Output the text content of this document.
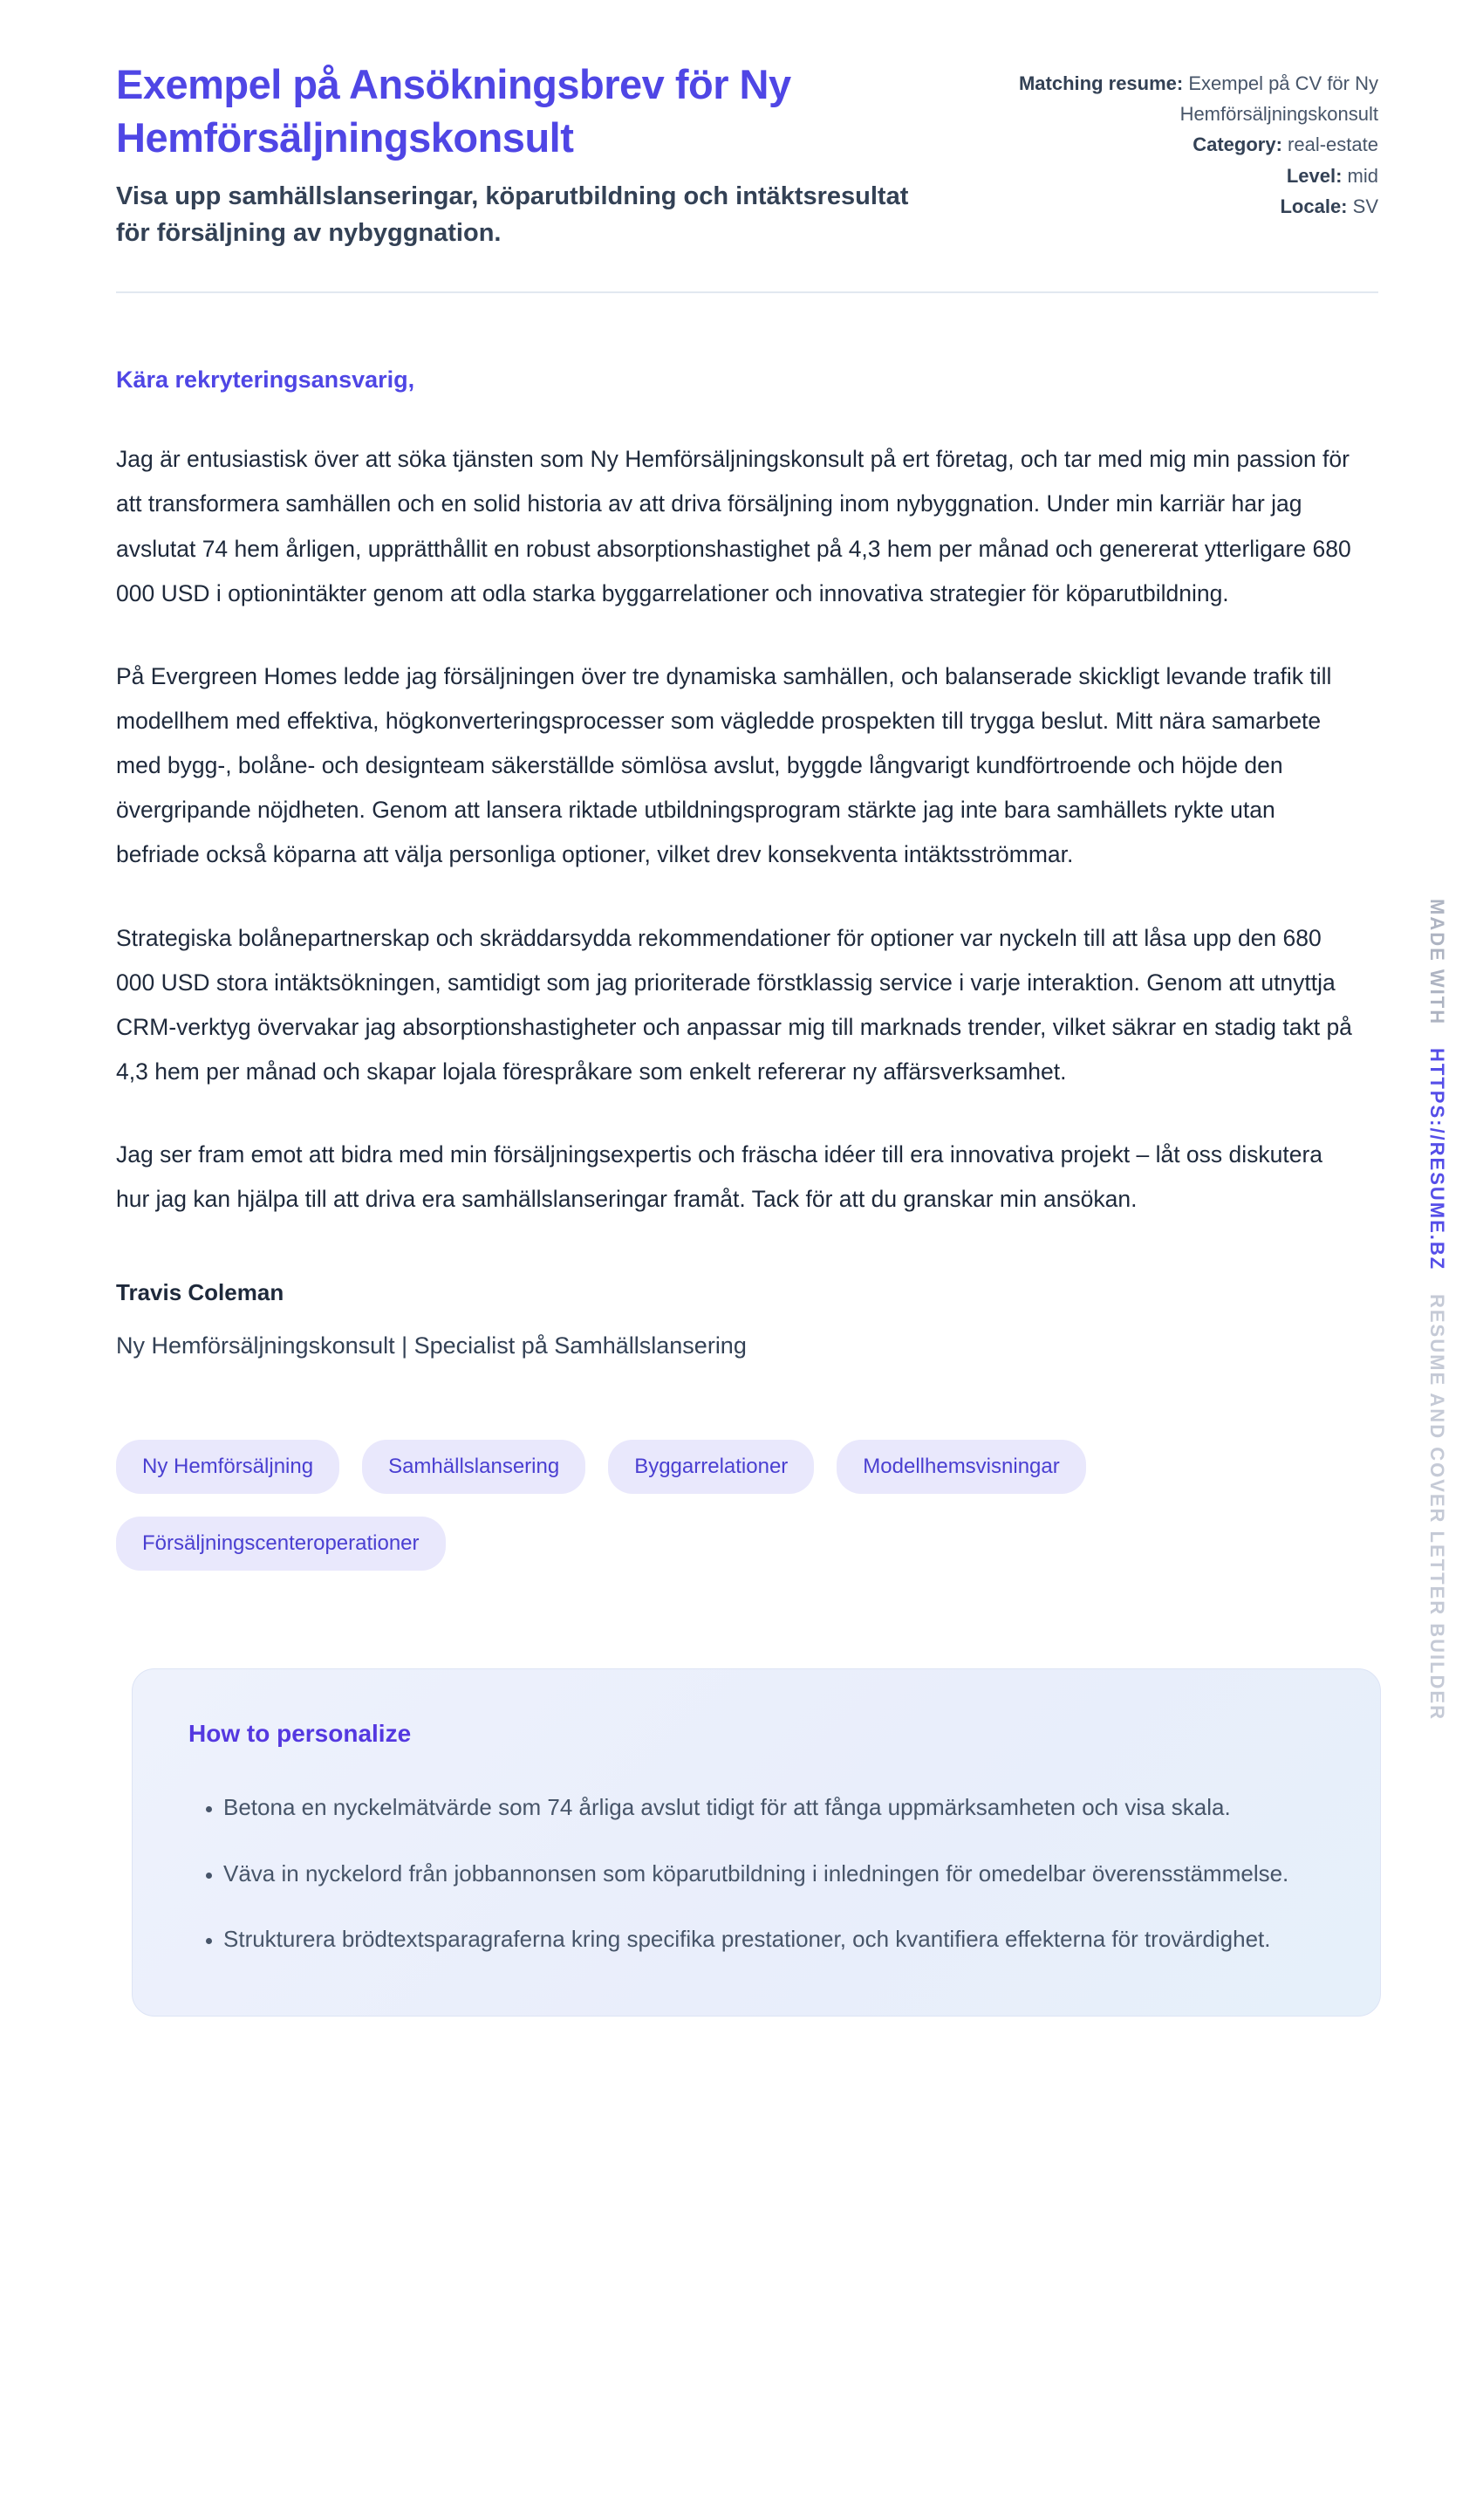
Exempel på Ansökningsbrev för Ny Hemförsäljningskonsult
Visa upp samhällslanseringar, köparutbildning och intäktsresultat för försäljning av nybyggnation.
Matching resume: Exempel på CV för Ny Hemförsäljningskonsult
Category: real-estate
Level: mid
Locale: SV
Kära rekryteringsansvarig,

Jag är entusiastisk över att söka tjänsten som Ny Hemförsäljningskonsult på ert företag, och tar med mig min passion för att transformera samhällen och en solid historia av att driva försäljning inom nybyggnation. Under min karriär har jag avslutat 74 hem årligen, upprätthållit en robust absorptionshastighet på 4,3 hem per månad och genererat ytterligare 680 000 USD i optionintäkter genom att odla starka byggarrelationer och innovativa strategier för köparutbildning.

På Evergreen Homes ledde jag försäljningen över tre dynamiska samhällen, och balanserade skickligt levande trafik till modellhem med effektiva, högkonverteringsprocesser som vägledde prospekten till trygga beslut. Mitt nära samarbete med bygg-, bolåne- och designteam säkerställde sömlösa avslut, byggde långvarigt kundförtroende och höjde den övergripande nöjdheten. Genom att lansera riktade utbildningsprogram stärkte jag inte bara samhällets rykte utan befriade också köparna att välja personliga optioner, vilket drev konsekventa intäktsströmmar.

Strategiska bolånepartnerskap och skräddarsydda rekommendationer för optioner var nyckeln till att låsa upp den 680 000 USD stora intäktsökningen, samtidigt som jag prioriterade förstklassig service i varje interaktion. Genom att utnyttja CRM-verktyg övervakar jag absorptionshastigheter och anpassar mig till marknads trender, vilket säkrar en stadig takt på 4,3 hem per månad och skapar lojala förespråkare som enkelt refererar ny affärsverksamhet.

Jag ser fram emot att bidra med min försäljningsexpertis och fräscha idéer till era innovativa projekt – låt oss diskutera hur jag kan hjälpa till att driva era samhällslanseringar framåt. Tack för att du granskar min ansökan.

Travis Coleman
Ny Hemförsäljningskonsult | Specialist på Samhällslansering
Ny Hemförsäljning	Samhällslansering	Byggarrelationer	Modellhemsvisningar
Försäljningscenteroperationer
How to personalize
• Betona en nyckelmätvärde som 74 årliga avslut tidigt för att fånga uppmärksamheten och visa skala.
• Väva in nyckelord från jobbannonsen som köparutbildning i inledningen för omedelbar överensstämmelse.
• Strukturera brödtextsparagraferna kring specifika prestationer, och kvantifiera effekterna för trovärdighet.
MADE WITH HTTPS://RESUME.BZ RESUME AND COVER LETTER BUILDER
